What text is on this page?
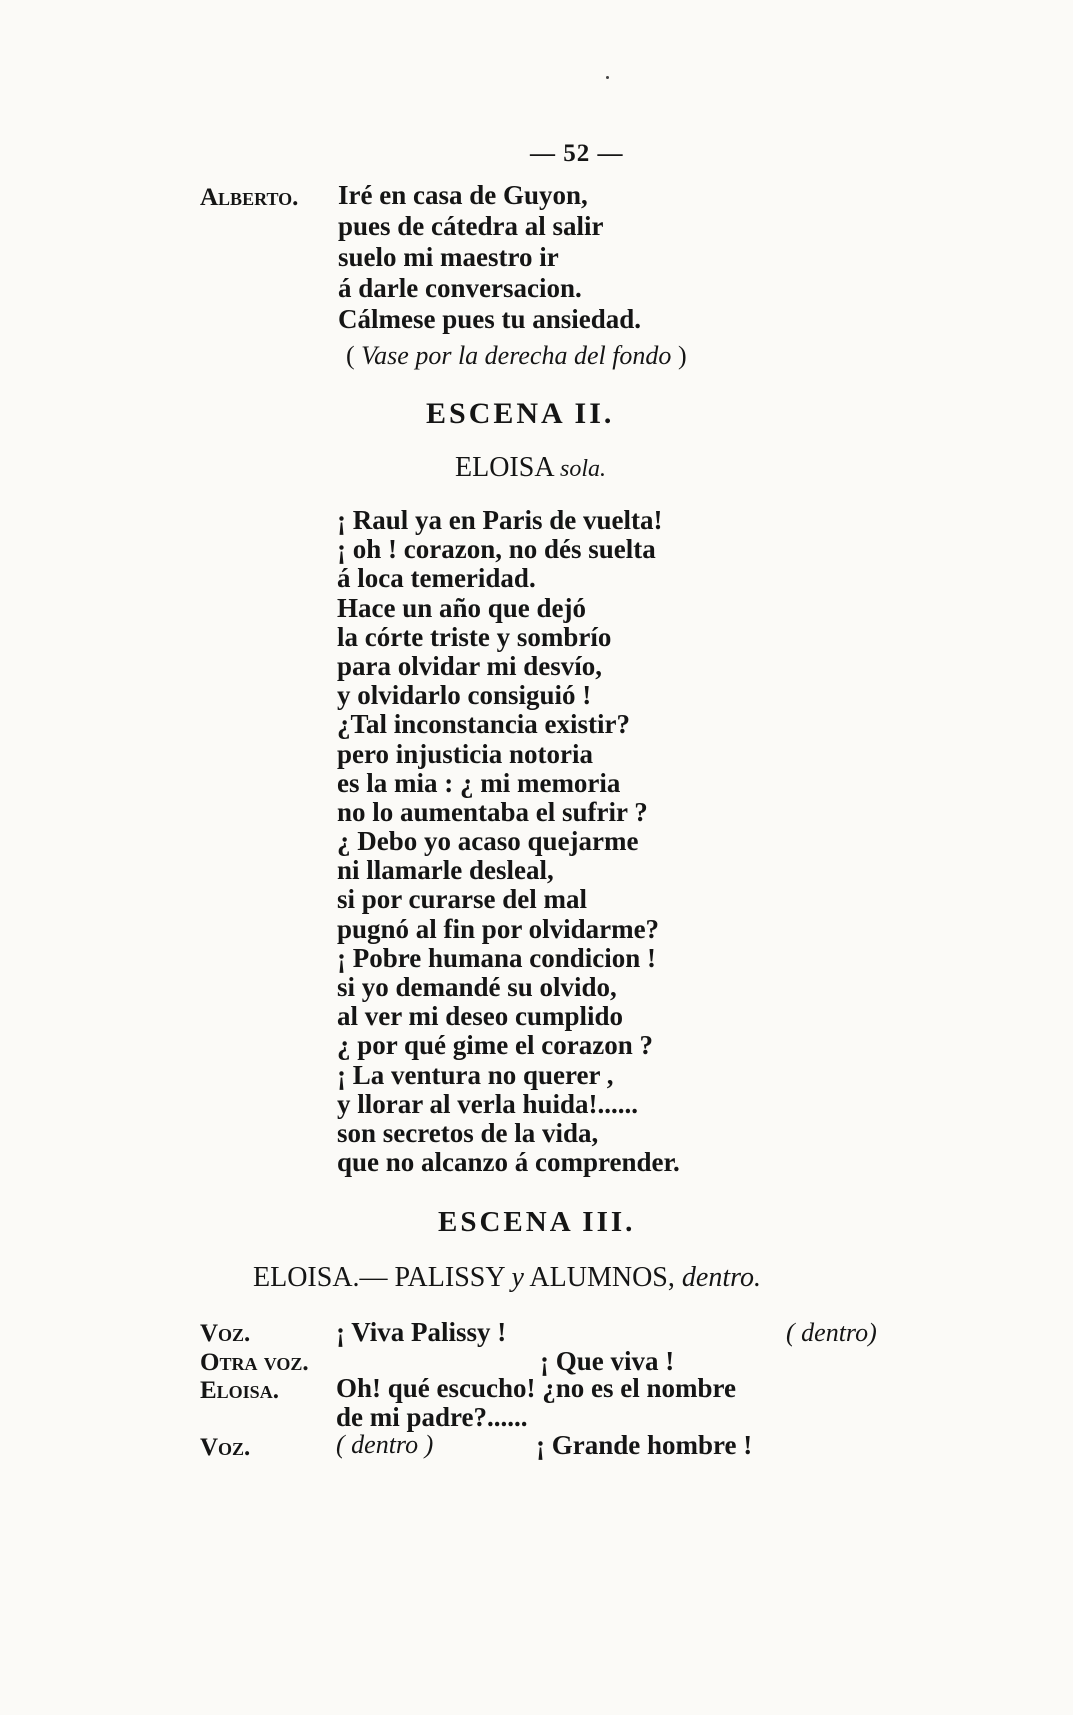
— 52 —
Alberto. Iré en casa de Guyon,
pues de cátedra al salir
suelo mi maestro ir
á darle conversacion.
Cálmese pues tu ansiedad.
( Vase por la derecha del fondo )
ESCENA II.
ELOISA sola.
¡ Raul ya en Paris de vuelta!
¡ oh ! corazon, no dés suelta
á loca temeridad.
Hace un año que dejó
la córte triste y sombrío
para olvidar mi desvío,
y olvidarlo consiguió !
¿Tal inconstancia existir?
pero injusticia notoria
es la mia : ¿ mi memoria
no lo aumentaba el sufrir ?
¿ Debo yo acaso quejarme
ni llamarle desleal,
si por curarse del mal
pugnó al fin por olvidarme?
¡ Pobre humana condicion !
si yo demandé su olvido,
al ver mi deseo cumplido
¿ por qué gime el corazon ?
¡ La ventura no querer ,
y llorar al verla huida!......
son secretos de la vida,
que no alcanzo á comprender.
ESCENA III.
ELOISA.— PALISSY y ALUMNOS, dentro.
Voz.	¡ Viva Palissy !	( dentro)
Otra voz.	¡ Que viva !
Eloisa. Oh! qué escucho! ¿no es el nombre
de mi padre?......
Voz.	( dentro )	¡ Grande hombre !
